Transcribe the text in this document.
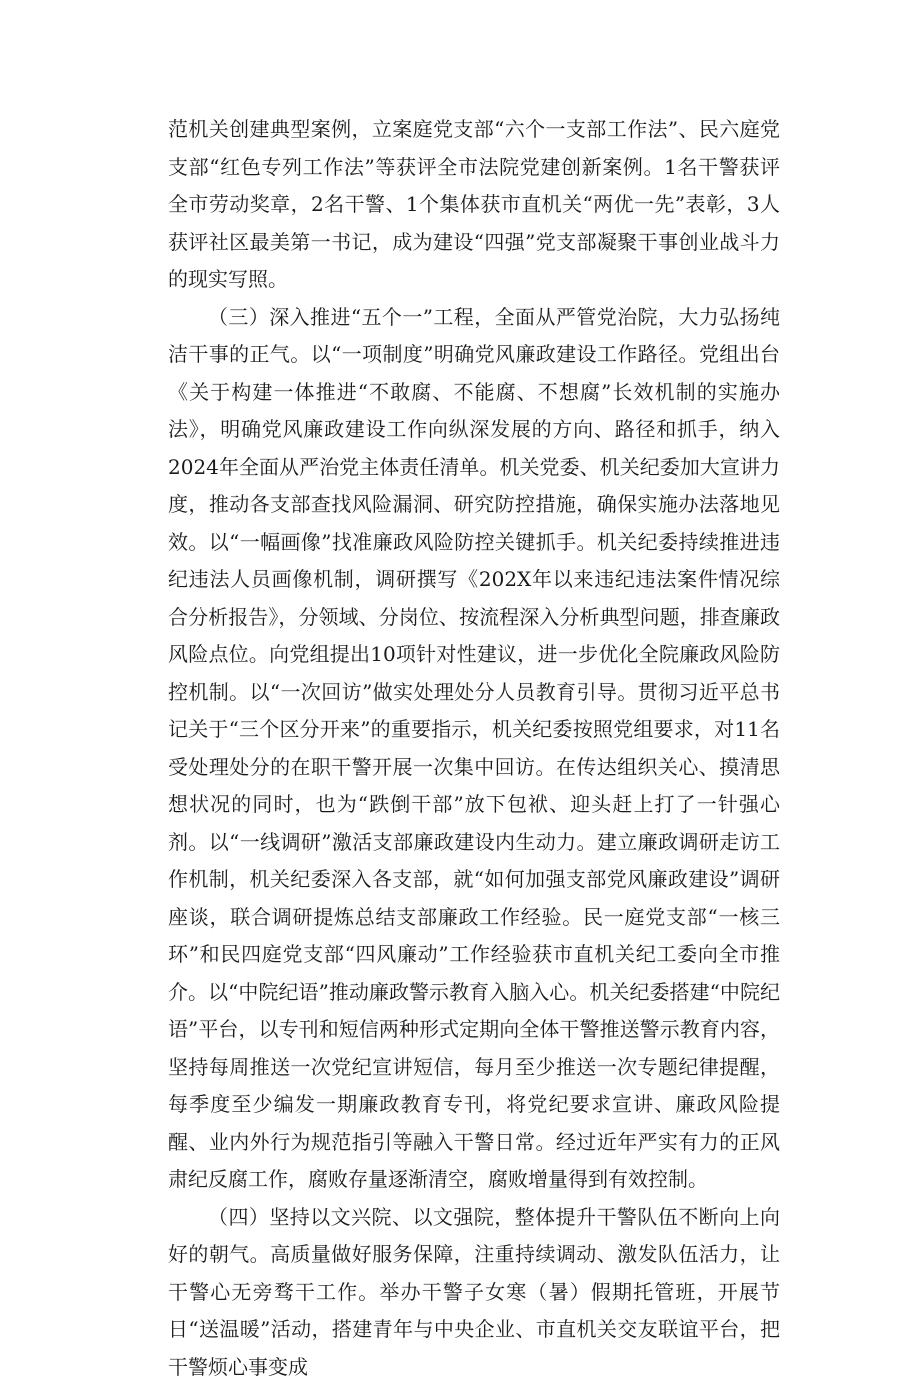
范机关创建典型案例，立案庭党支部“六个一支部工作法”、民六庭党支部“红色专列工作法”等获评全市法院党建创新案例。1名干警获评全市劳动奖章，2名干警、1个集体获市直机关“两优一先”表彰，3人获评社区最美第一书记，成为建设“四强”党支部凝聚干事创业战斗力的现实写照。

（三）深入推进“五个一”工程，全面从严管党治院，大力弘扬纯洁干事的正气。以“一项制度”明确党风廉政建设工作路径。党组出台《关于构建一体推进“不敢腐、不能腐、不想腐”长效机制的实施办法》，明确党风廉政建设工作向纵深发展的方向、路径和抓手，纳入2024年全面从严治党主体责任清单。机关党委、机关纪委加大宣讲力度，推动各支部查找风险漏洞、研究防控措施，确保实施办法落地见效。以“一幅画像”找准廉政风险防控关键抓手。机关纪委持续推进违纪违法人员画像机制，调研撰写《202X年以来违纪违法案件情况综合分析报告》，分领域、分岗位、按流程深入分析典型问题，排查廉政风险点位。向党组提出10项针对性建议，进一步优化全院廉政风险防控机制。以“一次回访”做实处理处分人员教育引导。贯彻习近平总书记关于“三个区分开来”的重要指示，机关纪委按照党组要求，对11名受处理处分的在职干警开展一次集中回访。在传达组织关心、摸清思想状况的同时，也为“跌倒干部”放下包袱、迎头赶上打了一针强心剂。以“一线调研”激活支部廉政建设内生动力。建立廉政调研走访工作机制，机关纪委深入各支部，就“如何加强支部党风廉政建设”调研座谈，联合调研提炼总结支部廉政工作经验。民一庭党支部“一核三环”和民四庭党支部“四风廉动”工作经验获市直机关纪工委向全市推介。以“中院纪语”推动廉政警示教育入脑入心。机关纪委搭建“中院纪语”平台，以专刊和短信两种形式定期向全体干警推送警示教育内容，坚持每周推送一次党纪宣讲短信，每月至少推送一次专题纪律提醒，每季度至少编发一期廉政教育专刊，将党纪要求宣讲、廉政风险提醒、业内外行为规范指引等融入干警日常。经过近年严实有力的正风肃纪反腐工作，腐败存量逐渐清空，腐败增量得到有效控制。

（四）坚持以文兴院、以文强院，整体提升干警队伍不断向上向好的朝气。高质量做好服务保障，注重持续调动、激发队伍活力，让干警心无旁骛干工作。举办干警子女寒（暑）假期托管班，开展节日“送温暖”活动，搭建青年与中央企业、市直机关交友联谊平台，把干警烦心事变成
